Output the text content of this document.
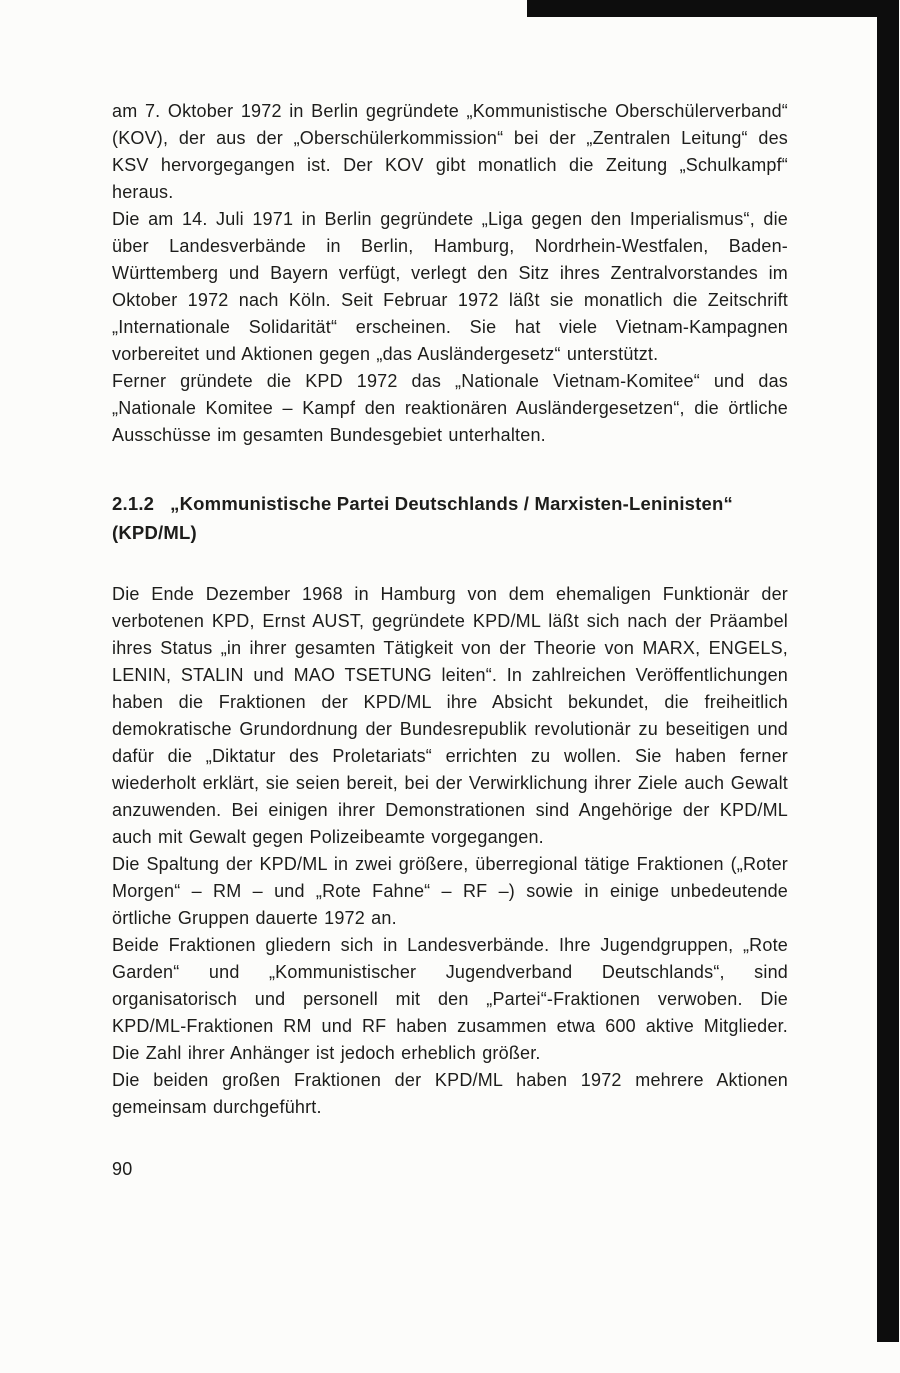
am 7. Oktober 1972 in Berlin gegründete „Kommunistische Oberschülerverband“ (KOV), der aus der „Oberschülerkommission“ bei der „Zentralen Leitung“ des KSV hervorgegangen ist. Der KOV gibt monatlich die Zeitung „Schulkampf“ heraus.

Die am 14. Juli 1971 in Berlin gegründete „Liga gegen den Imperialismus“, die über Landesverbände in Berlin, Hamburg, Nordrhein-Westfalen, Baden-Württemberg und Bayern verfügt, verlegt den Sitz ihres Zentralvorstandes im Oktober 1972 nach Köln. Seit Februar 1972 läßt sie monatlich die Zeitschrift „Internationale Solidarität“ erscheinen. Sie hat viele Vietnam-Kampagnen vorbereitet und Aktionen gegen „das Ausländergesetz“ unterstützt.

Ferner gründete die KPD 1972 das „Nationale Vietnam-Komitee“ und das „Nationale Komitee – Kampf den reaktionären Ausländergesetzen“, die örtliche Ausschüsse im gesamten Bundesgebiet unterhalten.

2.1.2 „Kommunistische Partei Deutschlands / Marxisten-Leninisten“ (KPD/ML)

Die Ende Dezember 1968 in Hamburg von dem ehemaligen Funktionär der verbotenen KPD, Ernst AUST, gegründete KPD/ML läßt sich nach der Präambel ihres Status „in ihrer gesamten Tätigkeit von der Theorie von MARX, ENGELS, LENIN, STALIN und MAO TSETUNG leiten“. In zahlreichen Veröffentlichungen haben die Fraktionen der KPD/ML ihre Absicht bekundet, die freiheitlich demokratische Grundordnung der Bundesrepublik revolutionär zu beseitigen und dafür die „Diktatur des Proletariats“ errichten zu wollen. Sie haben ferner wiederholt erklärt, sie seien bereit, bei der Verwirklichung ihrer Ziele auch Gewalt anzuwenden. Bei einigen ihrer Demonstrationen sind Angehörige der KPD/ML auch mit Gewalt gegen Polizeibeamte vorgegangen.

Die Spaltung der KPD/ML in zwei größere, überregional tätige Fraktionen („Roter Morgen“ – RM – und „Rote Fahne“ – RF –) sowie in einige unbedeutende örtliche Gruppen dauerte 1972 an.

Beide Fraktionen gliedern sich in Landesverbände. Ihre Jugendgruppen, „Rote Garden“ und „Kommunistischer Jugendverband Deutschlands“, sind organisatorisch und personell mit den „Partei“-Fraktionen verwoben. Die KPD/ML-Fraktionen RM und RF haben zusammen etwa 600 aktive Mitglieder. Die Zahl ihrer Anhänger ist jedoch erheblich größer.

Die beiden großen Fraktionen der KPD/ML haben 1972 mehrere Aktionen gemeinsam durchgeführt.

90
